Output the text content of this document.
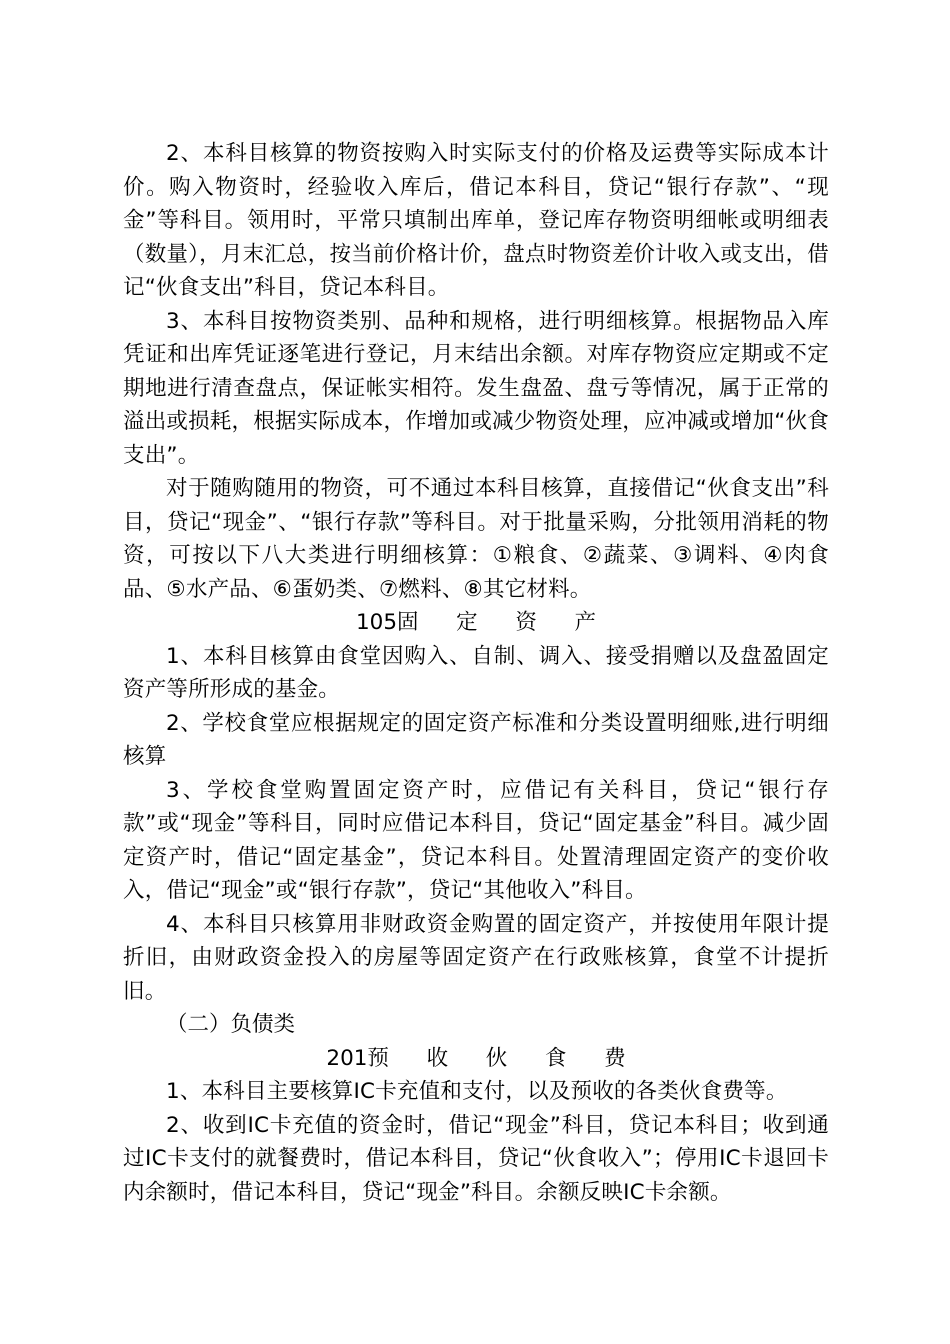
2、本科目核算的物资按购入时实际支付的价格及运费等实际成本计价。购入物资时，经验收入库后，借记本科目，贷记“银行存款”、“现金”等科目。领用时，平常只填制出库单，登记库存物资明细帐或明细表（数量），月末汇总，按当前价格计价，盘点时物资差价计收入或支出，借记“伙食支出”科目，贷记本科目。

3、本科目按物资类别、品种和规格，进行明细核算。根据物品入库凭证和出库凭证逐笔进行登记，月末结出余额。对库存物资应定期或不定期地进行清查盘点，保证帐实相符。发生盘盈、盘亏等情况，属于正常的溢出或损耗，根据实际成本，作增加或减少物资处理，应冲减或增加“伙食支出”。

对于随购随用的物资，可不通过本科目核算，直接借记“伙食支出”科目，贷记“现金”、“银行存款”等科目。对于批量采购，分批领用消耗的物资，可按以下八大类进行明细核算：①粮食、②蔬菜、③调料、④肉食品、⑤水产品、⑥蛋奶类、⑦燃料、⑧其它材料。

105固  定  资  产

1、本科目核算由食堂因购入、自制、调入、接受捐赠以及盘盈固定资产等所形成的基金。

2、学校食堂应根据规定的固定资产标准和分类设置明细账,进行明细核算

3、学校食堂购置固定资产时，应借记有关科目，贷记“银行存款”或“现金”等科目，同时应借记本科目，贷记“固定基金”科目。减少固定资产时，借记“固定基金”，贷记本科目。处置清理固定资产的变价收入，借记“现金”或“银行存款”，贷记“其他收入”科目。

4、本科目只核算用非财政资金购置的固定资产，并按使用年限计提折旧，由财政资金投入的房屋等固定资产在行政账核算，食堂不计提折旧。

（二）负债类

201预  收  伙  食  费

1、本科目主要核算IC卡充值和支付，以及预收的各类伙食费等。

2、收到IC卡充值的资金时，借记“现金”科目，贷记本科目；收到通过IC卡支付的就餐费时，借记本科目，贷记“伙食收入”；停用IC卡退回卡内余额时，借记本科目，贷记“现金”科目。余额反映IC卡余额。
